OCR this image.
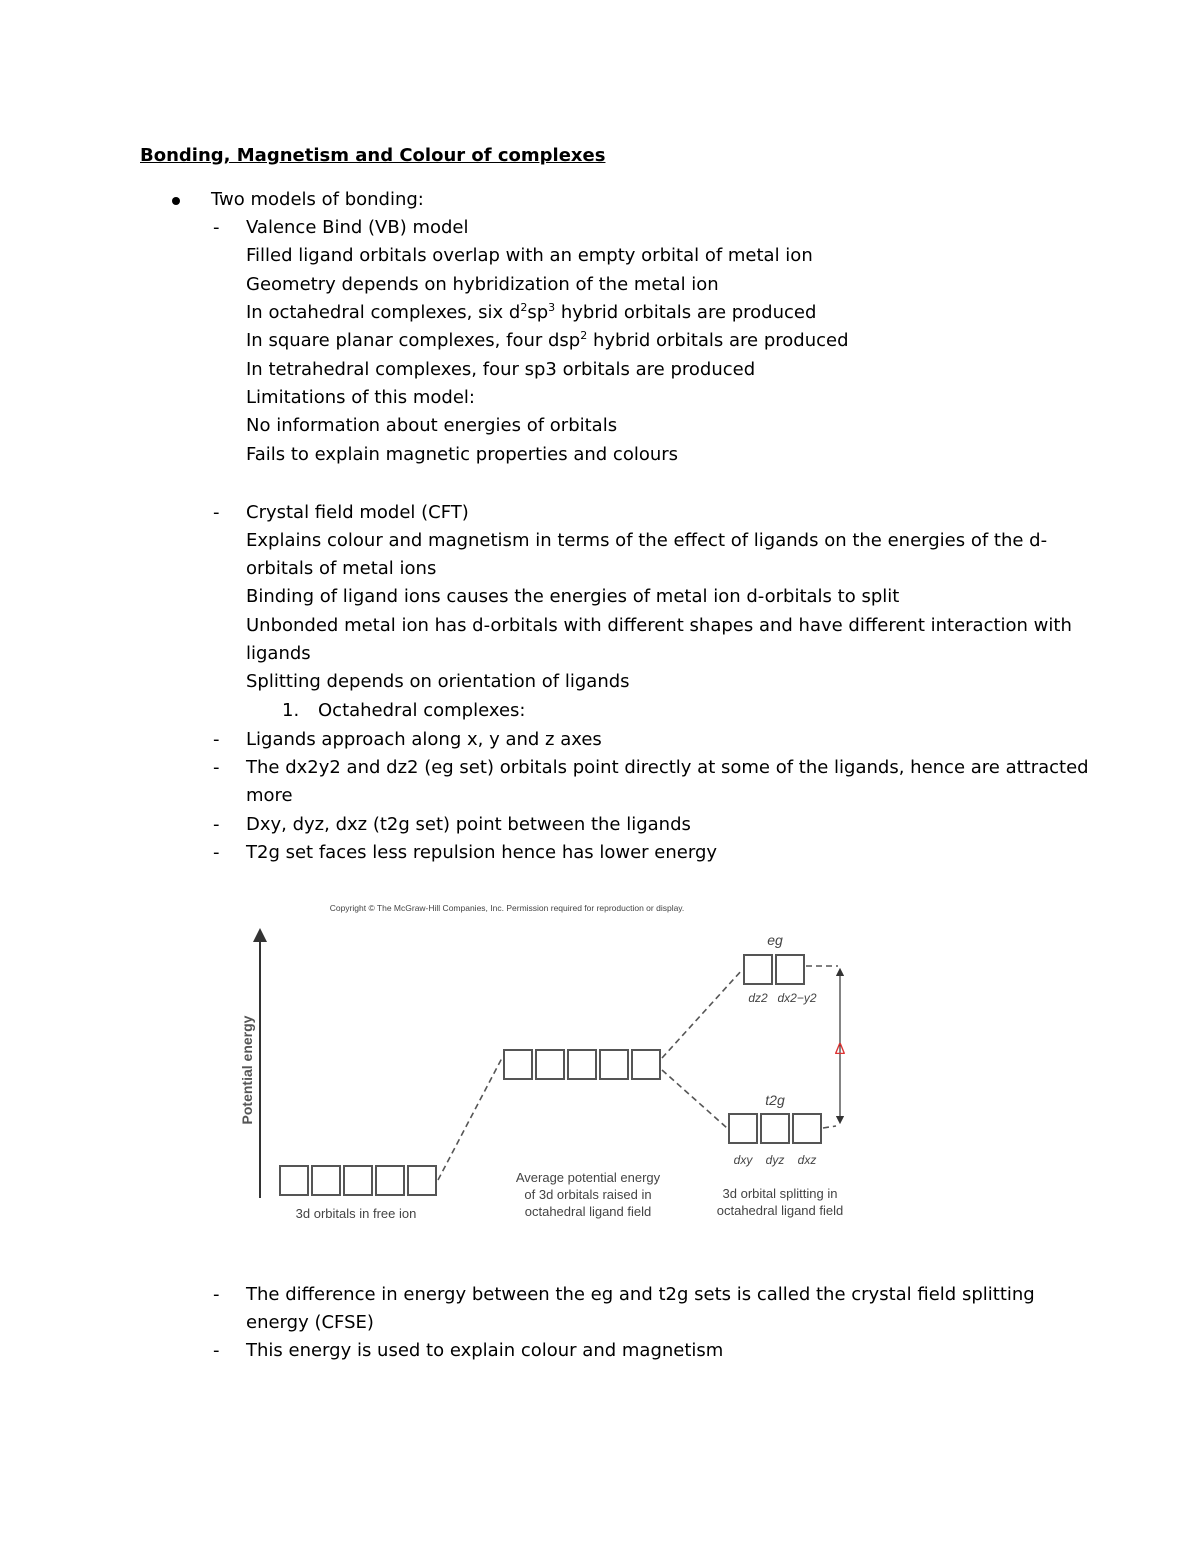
Bonding, Magnetism and Colour of complexes

Two models of bonding:

- Valence Bind (VB) model

Filled ligand orbitals overlap with an empty orbital of metal ion

Geometry depends on hybridization of the metal ion

In octahedral complexes, six $d^2sp^3$ hybrid orbitals are produced

In square planar complexes, four dsp$^2$ hybrid orbitals are produced

In tetrahedral complexes, four sp3 orbitals are produced

Limitations of this model:

No information about energies of orbitals

Fails to explain magnetic properties and colours

- Crystal field model (CFT)

Explains colour and magnetism in terms of the effect of ligands on the energies of the d-

orbitals of metal ions

Binding of ligand ions causes the energies of metal ion d-orbitals to split

Unbonded metal ion has d-orbitals with different shapes and have different interaction with

ligands

Splitting depends on orientation of ligands

1. Octahedral complexes:

- Ligands approach along x, y and z axes

- The dx2y2 and dz2 (eg set) orbitals point directly at some of the ligands, hence are attracted

more

- Dxy, dyz, dxz (t2g set) point between the ligands

- T2g set faces less repulsion hence has lower energy

Copyright © The McGraw-Hill Companies, Inc. Permission required for reproduction or display.
Potential energy	Δ
eg
t2g
dz2 dx2−y2
dxy dyz dxz
3d orbitals in free ion
Average potential energy
of 3d orbitals raised in
octahedral ligand field
3d orbital splitting in
octahedral ligand field
- The difference in energy between the eg and t2g sets is called the crystal field splitting

energy (CFSE)

- This energy is used to explain colour and magnetism
